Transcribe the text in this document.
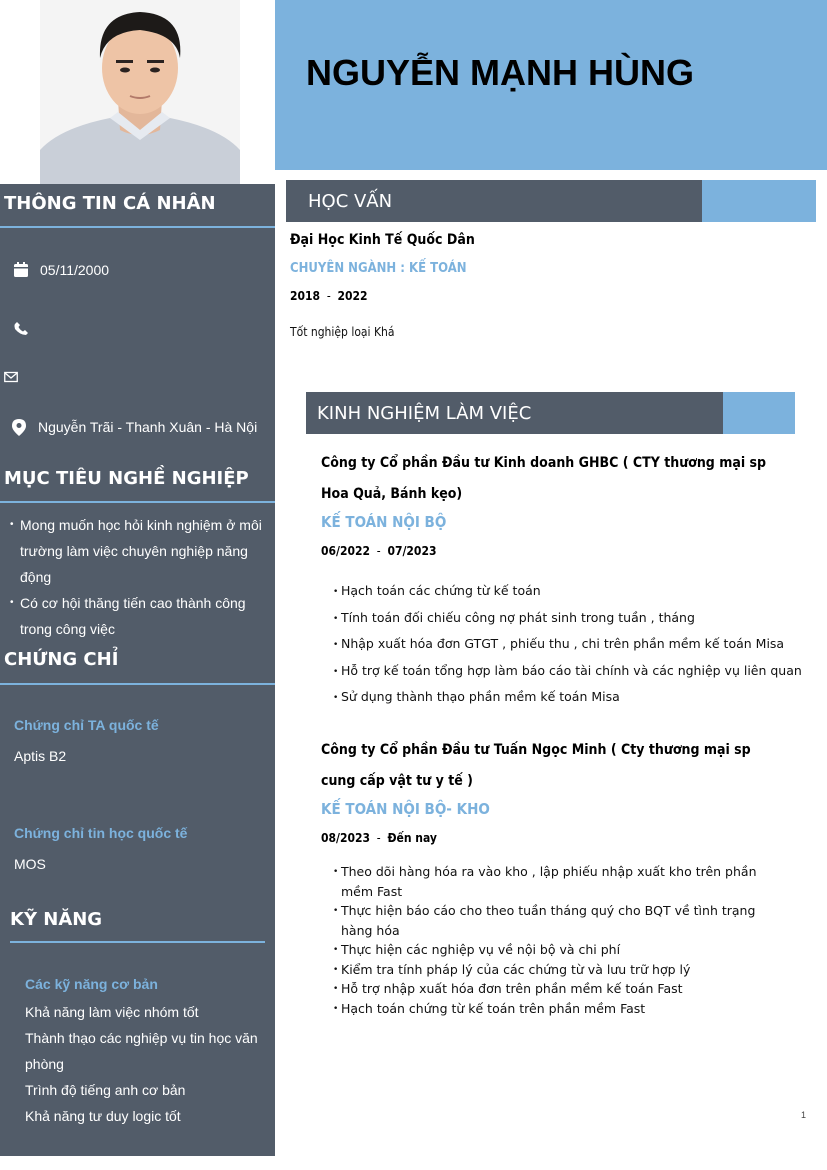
NGUYỄN MẠNH HÙNG
THÔNG TIN CÁ NHÂN
05/11/2000
Nguyễn Trãi - Thanh Xuân - Hà Nội
MỤC TIÊU NGHỀ NGHIỆP
• Mong muốn học hỏi kinh nghiệm ở môi trường làm việc chuyên nghiệp năng động
• Có cơ hội thăng tiến cao thành công trong công việc
CHỨNG CHỈ
Chứng chỉ TA quốc tế
Aptis B2
Chứng chỉ tin học quốc tế
MOS
KỸ NĂNG
Các kỹ năng cơ bản
Khả năng làm việc nhóm tốt
Thành thạo các nghiệp vụ tin học văn phòng
Trình độ tiếng anh cơ bản
Khả năng tư duy logic tốt
HỌC VẤN
Đại Học Kinh Tế Quốc Dân
CHUYÊN NGÀNH : KẾ TOÁN
2018 - 2022
Tốt nghiệp loại Khá
KINH NGHIỆM LÀM VIỆC
Công ty Cổ phần Đầu tư Kinh doanh GHBC ( CTY thương mại sp Hoa Quả, Bánh kẹo)
KẾ TOÁN NỘI BỘ
06/2022 - 07/2023
• Hạch toán các chứng từ kế toán
• Tính toán đối chiếu công nợ phát sinh trong tuần , tháng
• Nhập xuất hóa đơn GTGT , phiếu thu , chi trên phần mềm kế toán Misa
• Hỗ trợ kế toán tổng hợp làm báo cáo tài chính và các nghiệp vụ liên quan
• Sử dụng thành thạo phần mềm kế toán Misa
Công ty Cổ phần Đầu tư Tuấn Ngọc Minh ( Cty thương mại sp cung cấp vật tư y tế )
KẾ TOÁN NỘI BỘ- KHO
08/2023 - Đến nay
• Theo dõi hàng hóa ra vào kho , lập phiếu nhập xuất kho trên phần mềm Fast
• Thực hiện báo cáo cho theo tuần tháng quý cho BQT về tình trạng hàng hóa
• Thực hiện các nghiệp vụ về nội bộ và chi phí
• Kiểm tra tính pháp lý của các chứng từ và lưu trữ hợp lý
• Hỗ trợ nhập xuất hóa đơn trên phần mềm kế toán Fast
• Hạch toán chứng từ kế toán trên phần mềm Fast
1
